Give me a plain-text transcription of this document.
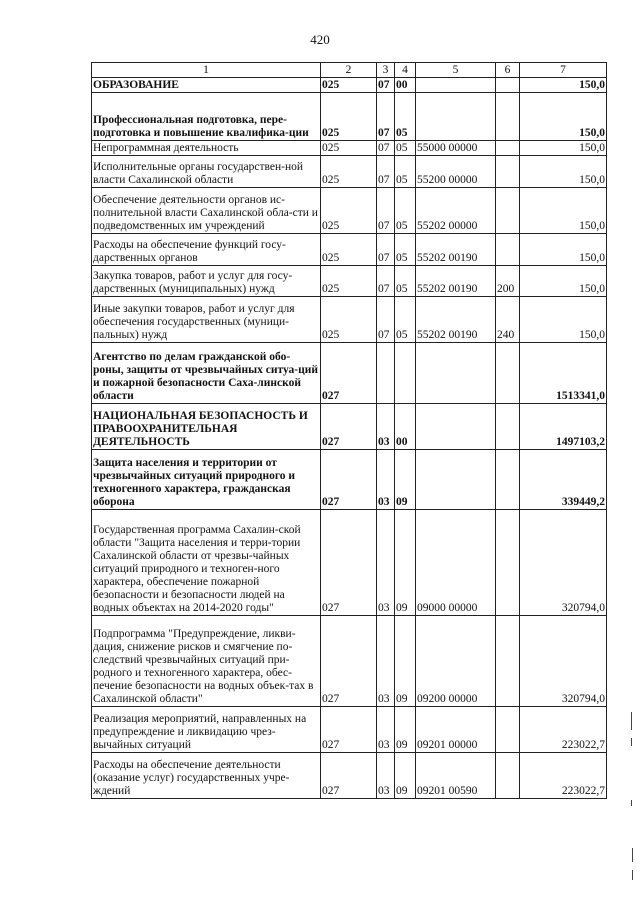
420
1	2	3	4	5	6	7
ОБРАЗОВАНИЕ	025	07	00			150,0
Профессиональная подготовка, пере-подготовка и повышение квалифика-ции	025	07	05			150,0
Непрограммная деятельность	025	07	05	55000 00000		150,0
Исполнительные органы государствен-ной власти Сахалинской области	025	07	05	55200 00000		150,0
Обеспечение деятельности органов ис-полнительной власти Сахалинской обла-сти и подведомственных им учреждений	025	07	05	55202 00000		150,0
Расходы на обеспечение функций госу-дарственных органов	025	07	05	55202 00190		150,0
Закупка товаров, работ и услуг для госу-дарственных (муниципальных) нужд	025	07	05	55202 00190	200	150,0
Иные закупки товаров, работ и услуг для обеспечения государственных (муници-пальных) нужд	025	07	05	55202 00190	240	150,0
Агентство по делам гражданской обо-роны, защиты от чрезвычайных ситуа-ций и пожарной безопасности Саха-линской области	027					1513341,0
НАЦИОНАЛЬНАЯ БЕЗОПАСНОСТЬ И ПРАВООХРАНИТЕЛЬНАЯ ДЕЯТЕЛЬНОСТЬ	027	03	00			1497103,2
Защита населения и территории от чрезвычайных ситуаций природного и техногенного характера, гражданская оборона	027	03	09			339449,2
Государственная программа Сахалин-ской области "Защита населения и терри-тории Сахалинской области от чрезвы-чайных ситуаций природного и техноген-ного характера, обеспечение пожарной безопасности и безопасности людей на водных объектах на 2014-2020 годы"	027	03	09	09000 00000		320794,0
Подпрограмма "Предупреждение, ликви-дация, снижение рисков и смягчение по-следствий чрезвычайных ситуаций при-родного и техногенного характера, обес-печение безопасности на водных объек-тах в Сахалинской области"	027	03	09	09200 00000		320794,0
Реализация мероприятий, направленных на предупреждение и ликвидацию чрез-вычайных ситуаций	027	03	09	09201 00000		223022,7
Расходы на обеспечение деятельности (оказание услуг) государственных учре-ждений	027	03	09	09201 00590		223022,7
